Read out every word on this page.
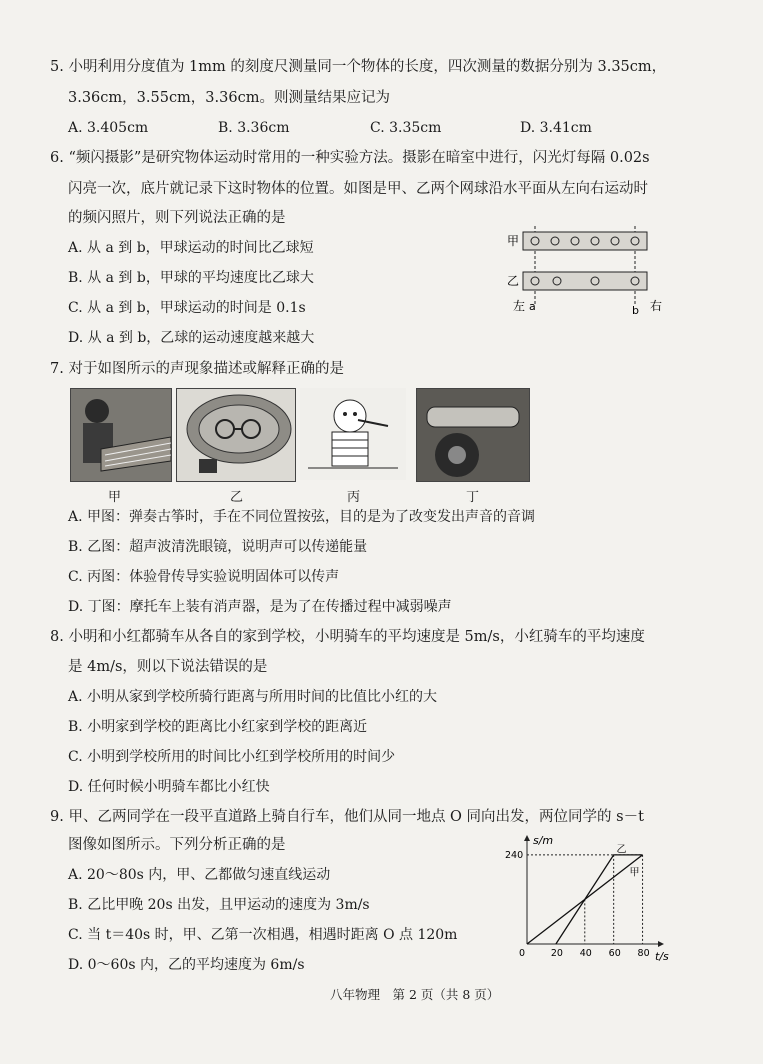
5. 小明利用分度值为 1mm 的刻度尺测量同一个物体的长度，四次测量的数据分别为 3.35cm，
3.36cm，3.55cm，3.36cm。则测量结果应记为
A. 3.405cm	B. 3.36cm	C. 3.35cm	D. 3.41cm
6. “频闪摄影”是研究物体运动时常用的一种实验方法。摄影在暗室中进行，闪光灯每隔 0.02s
闪亮一次，底片就记录下这时物体的位置。如图是甲、乙两个网球沿水平面从左向右运动时
的频闪照片，则下列说法正确的是
A. 从 a 到 b，甲球运动的时间比乙球短
B. 从 a 到 b，甲球的平均速度比乙球大
C. 从 a 到 b，甲球运动的时间是 0.1s
D. 从 a 到 b，乙球的运动速度越来越大
甲
乙
左 a	b 右
7. 对于如图所示的声现象描述或解释正确的是
甲	乙	丙	丁
A. 甲图：弹奏古筝时，手在不同位置按弦，目的是为了改变发出声音的音调
B. 乙图：超声波清洗眼镜，说明声可以传递能量
C. 丙图：体验骨传导实验说明固体可以传声
D. 丁图：摩托车上装有消声器，是为了在传播过程中减弱噪声
8. 小明和小红都骑车从各自的家到学校，小明骑车的平均速度是 5m/s，小红骑车的平均速度
是 4m/s，则以下说法错误的是
A. 小明从家到学校所骑行距离与所用时间的比值比小红的大
B. 小明家到学校的距离比小红家到学校的距离近
C. 小明到学校所用的时间比小红到学校所用的时间少
D. 任何时候小明骑车都比小红快
9. 甲、乙两同学在一段平直道路上骑自行车，他们从同一地点 O 同向出发，两位同学的 s－t
图像如图所示。下列分析正确的是
A. 20～80s 内，甲、乙都做匀速直线运动
B. 乙比甲晚 20s 出发，且甲运动的速度为 3m/s
C. 当 t＝40s 时，甲、乙第一次相遇，相遇时距离 O 点 120m
D. 0～60s 内，乙的平均速度为 6m/s
s/m
t/s
0	20 40 60 80
240
甲
乙
八年物理　第 2 页（共 8 页）
